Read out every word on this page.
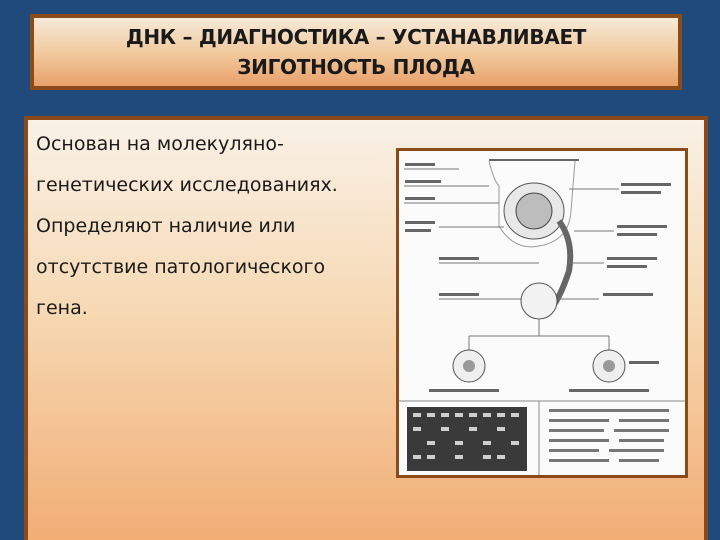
ДНК – ДИАГНОСТИКА – УСТАНАВЛИВАЕТ
ЗИГОТНОСТЬ ПЛОДА
Основан на молекуляно-
генетических исследованиях.
Определяют наличие или
отсутствие патологического
гена.
